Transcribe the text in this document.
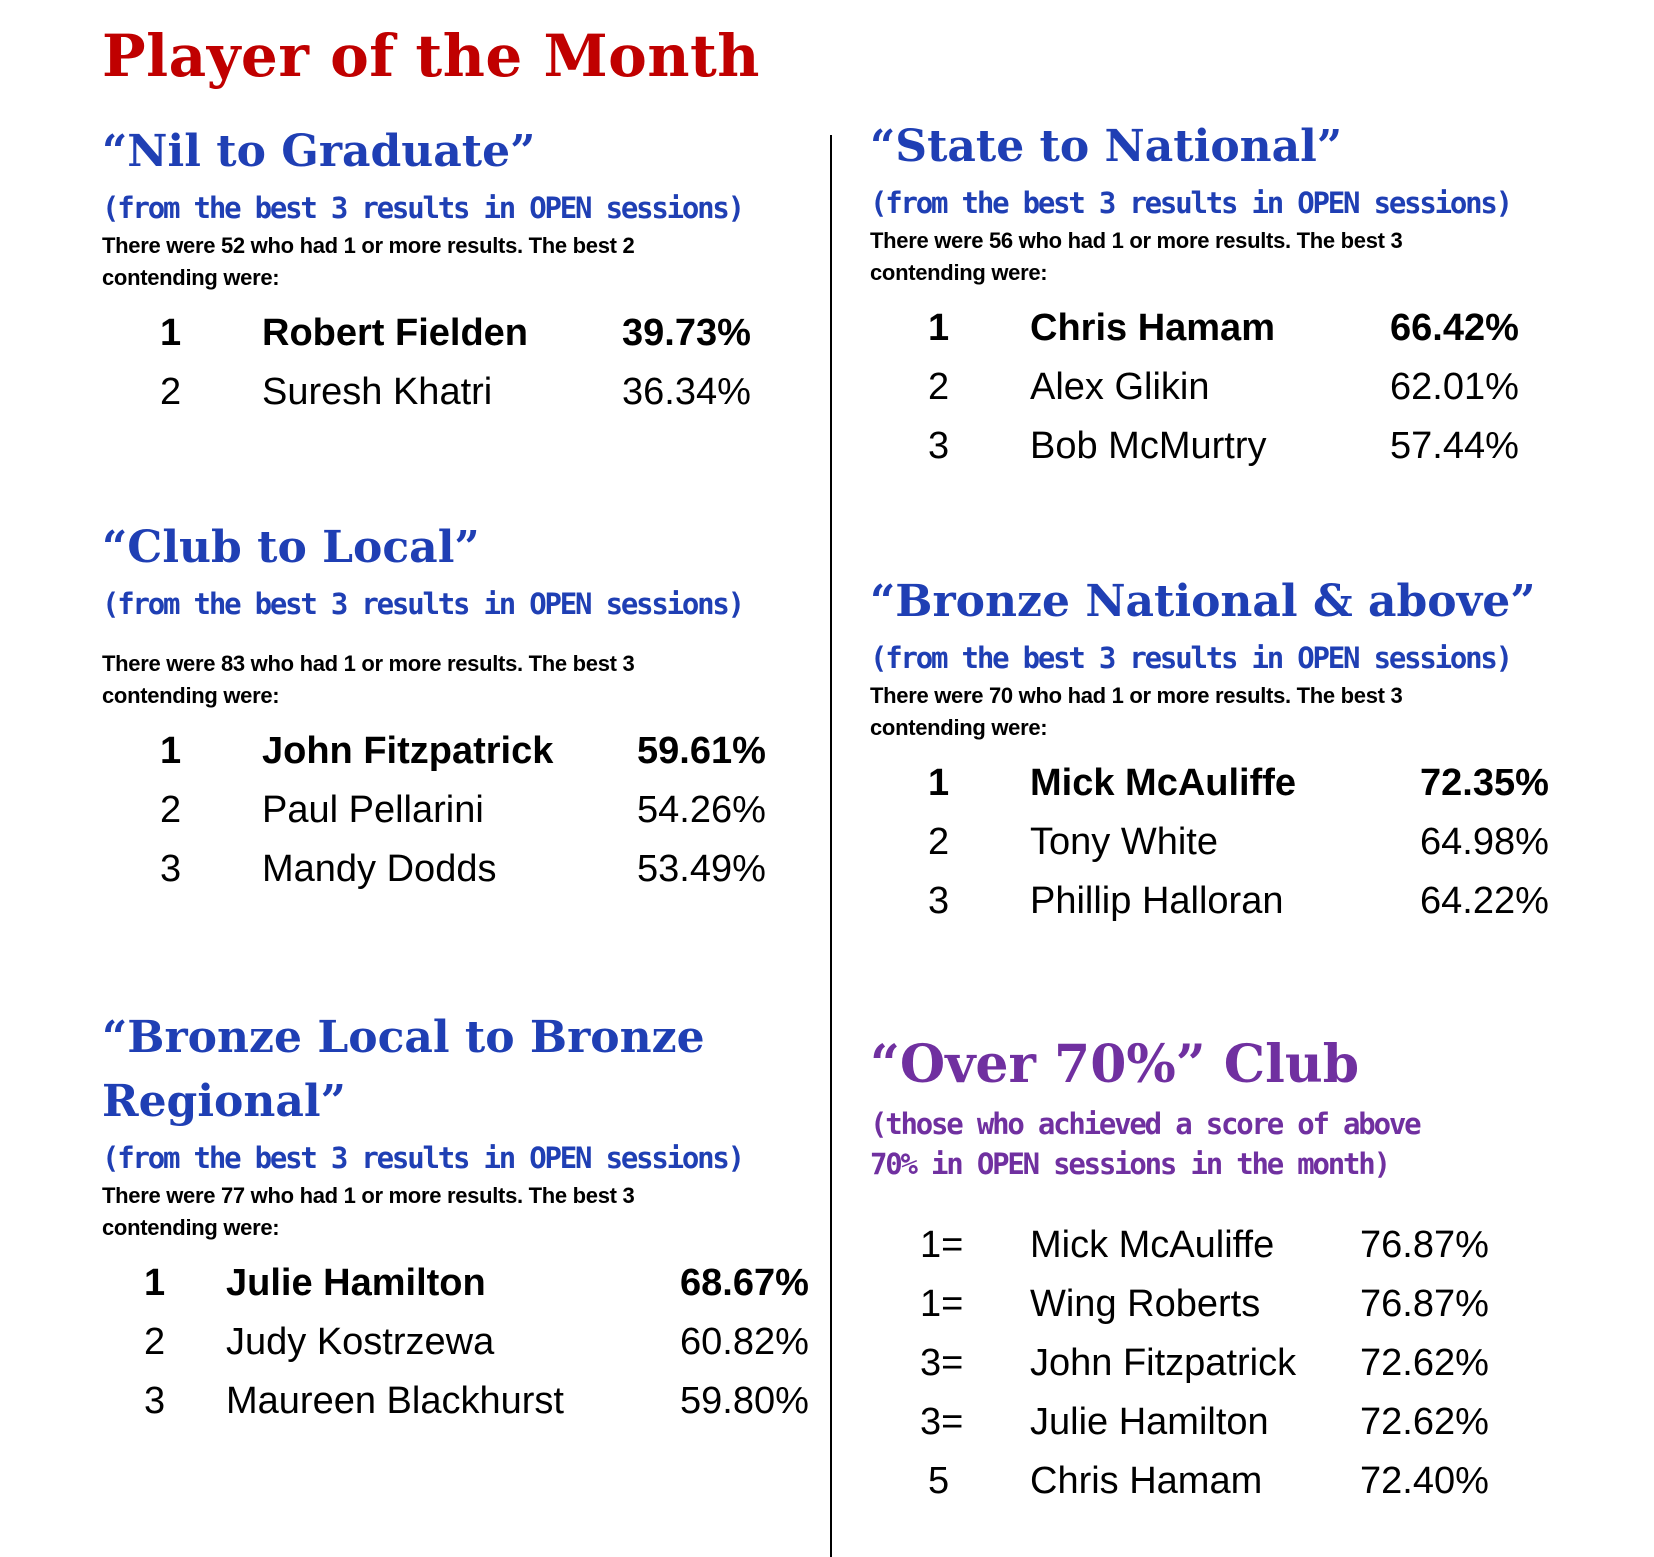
Player of the Month
“Nil to Graduate”

(from the best 3 results in OPEN sessions)

There were 52 who had 1 or more results. The best 2 contending were:

1 Robert Fielden 39.73%
2 Suresh Khatri	36.34%
“Club to Local”

(from the best 3 results in OPEN sessions)

There were 83 who had 1 or more results. The best 3 contending were:

1 John Fitzpatrick 59.61%
2 Paul Pellarini	54.26%
3 Mandy Dodds	53.49%
“Bronze Local to Bronze Regional”

(from the best 3 results in OPEN sessions)

There were 77 who had 1 or more results. The best 3 contending were:

1 Julie Hamilton	68.67%
2 Judy Kostrzewa	60.82%
3 Maureen Blackhurst	59.80%
“State to National”

(from the best 3 results in OPEN sessions)

There were 56 who had 1 or more results. The best 3 contending were:

1 Chris Hamam	66.42%
2 Alex Glikin	62.01%
3 Bob McMurtry	57.44%
“Bronze National & above”

(from the best 3 results in OPEN sessions)

There were 70 who had 1 or more results. The best 3 contending were:

1 Mick McAuliffe	72.35%
2 Tony White	64.98%
3 Phillip Halloran	64.22%
“Over 70%” Club

(those who achieved a score of above 70% in OPEN sessions in the month)

1= Mick McAuliffe 76.87%
1= Wing Roberts	76.87%
3= John Fitzpatrick 72.62%
3= Julie Hamilton 72.62%
5 Chris Hamam	72.40%
